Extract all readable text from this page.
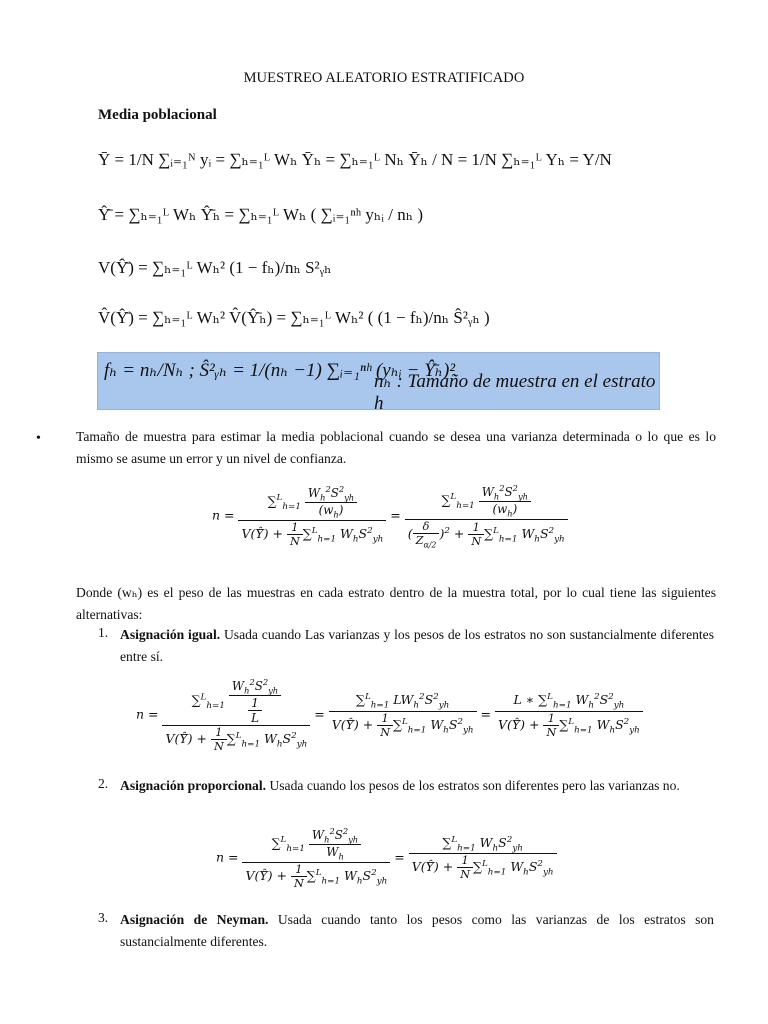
MUESTREO ALEATORIO ESTRATIFICADO
Media poblacional
Ȳ = 1/N ∑ᵢ₌₁ᴺ yᵢ = ∑ₕ₌₁ᴸ Wₕ Ȳₕ = ∑ₕ₌₁ᴸ Nₕ Ȳₕ / N = 1/N ∑ₕ₌₁ᴸ Yₕ = Y/N
Ŷ̄ = ∑ₕ₌₁ᴸ Wₕ Ŷ̄ₕ = ∑ₕ₌₁ᴸ Wₕ ( ∑ᵢ₌₁ⁿʰ yₕᵢ / nₕ )
V(Ŷ̄) = ∑ₕ₌₁ᴸ Wₕ² (1 − fₕ)/nₕ S²ᵧₕ
V̂(Ŷ̄) = ∑ₕ₌₁ᴸ Wₕ² V̂(Ŷ̄ₕ) = ∑ₕ₌₁ᴸ Wₕ² ( (1 − fₕ)/nₕ Ŝ²ᵧₕ )
fₕ = nₕ/Nₕ ; Ŝ²ᵧₕ = 1/(nₕ −1) ∑ᵢ₌₁ⁿʰ (yₕᵢ − Ŷ̄ₕ)²
nₕ : Tamaño de muestra en el estrato h
•	Tamaño de muestra para estimar la media poblacional cuando se desea una varianza determinada o lo que es lo mismo se asume un error y un nivel de confianza.
$n = \frac{\sum^L_{h=1} \frac{W_h^2S^2_{yh}}{(w_h)}}{V(Ŷ̄) + \frac{1}{N} \sum^L_{h=1} W_hS^2_{yh}} = \frac{\sum^L_{h=1} \frac{W_h^2S^2_{yh}}{(w_h)}}{( \frac{\delta}{Z_{\alpha/2}} )^2 + \frac{1}{N} \sum^L_{h=1} W_hS^2_{yh}}$
Donde (wₕ) es el peso de las muestras en cada estrato dentro de la muestra total, por lo cual tiene las siguientes alternativas:
1. Asignación igual. Usada cuando Las varianzas y los pesos de los estratos no son sustancialmente diferentes entre sí.
$n = \frac{\sum^L_{h=1} \frac{W_h^2S^2_{yh}}{\frac{1}{L}}}{V(Ŷ̄) + \frac{1}{N} \sum^L_{h=1} W_hS^2_{yh}} = \frac{\sum^L_{h=1} LW_h^2S^2_{yh}}{V(Ŷ̄) + \frac{1}{N} \sum^L_{h=1} W_hS^2_{yh}} = \frac{L ∗ \sum^L_{h=1} W_h^2S^2_{yh}}{V(Ŷ̄) + \frac{1}{N} \sum^L_{h=1} W_hS^2_{yh}}$
2. Asignación proporcional. Usada cuando los pesos de los estratos son diferentes pero las varianzas no.
$n = \frac{\sum^L_{h=1} \frac{W_h^2S^2_{yh}}{W_h}}{V(Ŷ̄) + \frac{1}{N} \sum^L_{h=1} W_hS^2_{yh}} = \frac{\sum^L_{h=1} W_hS^2_{yh}}{V(Ŷ̄) + \frac{1}{N} \sum^L_{h=1} W_hS^2_{yh}}$
3. Asignación de Neyman. Usada cuando tanto los pesos como las varianzas de los estratos son sustancialmente diferentes.
